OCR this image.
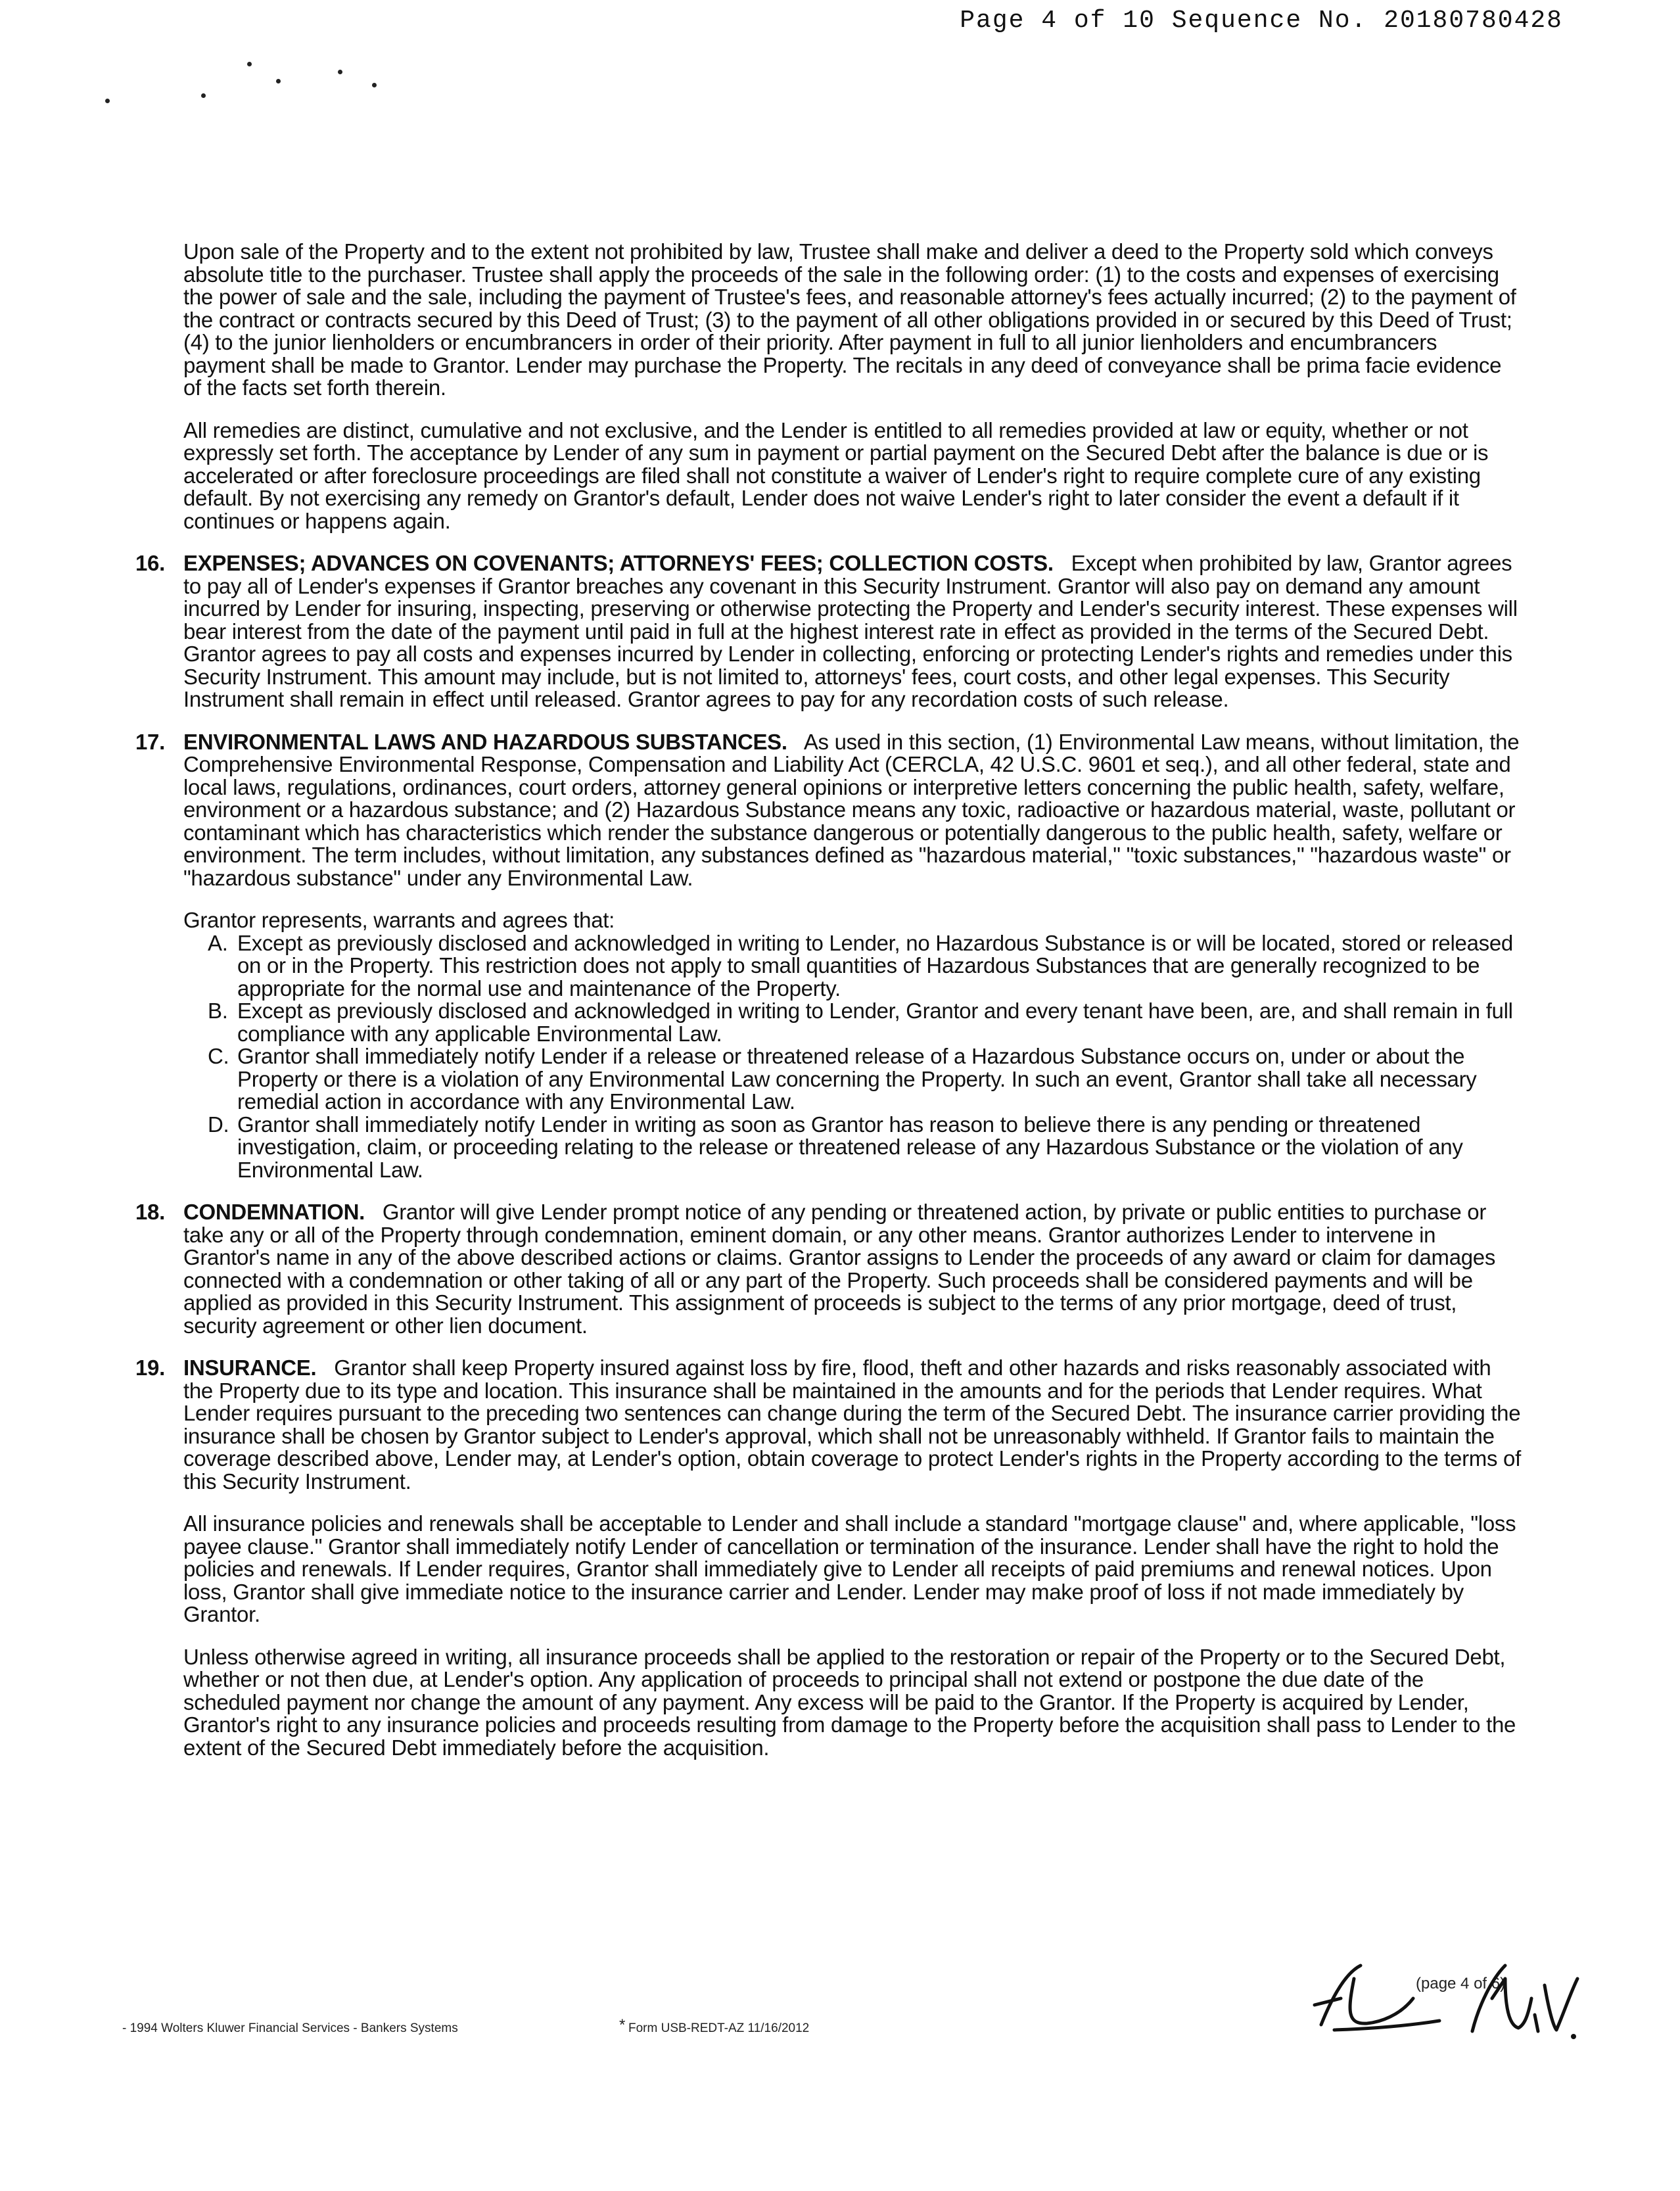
Page 4 of 10 Sequence No. 20180780428

Upon sale of the Property and to the extent not prohibited by law, Trustee shall make and deliver a deed to the Property sold which conveys absolute title to the purchaser. Trustee shall apply the proceeds of the sale in the following order: (1) to the costs and expenses of exercising the power of sale and the sale, including the payment of Trustee's fees, and reasonable attorney's fees actually incurred; (2) to the payment of the contract or contracts secured by this Deed of Trust; (3) to the payment of all other obligations provided in or secured by this Deed of Trust; (4) to the junior lienholders or encumbrancers in order of their priority. After payment in full to all junior lienholders and encumbrancers payment shall be made to Grantor. Lender may purchase the Property. The recitals in any deed of conveyance shall be prima facie evidence of the facts set forth therein.

All remedies are distinct, cumulative and not exclusive, and the Lender is entitled to all remedies provided at law or equity, whether or not expressly set forth. The acceptance by Lender of any sum in payment or partial payment on the Secured Debt after the balance is due or is accelerated or after foreclosure proceedings are filed shall not constitute a waiver of Lender's right to require complete cure of any existing default. By not exercising any remedy on Grantor's default, Lender does not waive Lender's right to later consider the event a default if it continues or happens again.

16. EXPENSES; ADVANCES ON COVENANTS; ATTORNEYS' FEES; COLLECTION COSTS. Except when prohibited by law, Grantor agrees to pay all of Lender's expenses if Grantor breaches any covenant in this Security Instrument. Grantor will also pay on demand any amount incurred by Lender for insuring, inspecting, preserving or otherwise protecting the Property and Lender's security interest. These expenses will bear interest from the date of the payment until paid in full at the highest interest rate in effect as provided in the terms of the Secured Debt. Grantor agrees to pay all costs and expenses incurred by Lender in collecting, enforcing or protecting Lender's rights and remedies under this Security Instrument. This amount may include, but is not limited to, attorneys' fees, court costs, and other legal expenses. This Security Instrument shall remain in effect until released. Grantor agrees to pay for any recordation costs of such release.
17. ENVIRONMENTAL LAWS AND HAZARDOUS SUBSTANCES. As used in this section, (1) Environmental Law means, without limitation, the Comprehensive Environmental Response, Compensation and Liability Act (CERCLA, 42 U.S.C. 9601 et seq.), and all other federal, state and local laws, regulations, ordinances, court orders, attorney general opinions or interpretive letters concerning the public health, safety, welfare, environment or a hazardous substance; and (2) Hazardous Substance means any toxic, radioactive or hazardous material, waste, pollutant or contaminant which has characteristics which render the substance dangerous or potentially dangerous to the public health, safety, welfare or environment. The term includes, without limitation, any substances defined as "hazardous material," "toxic substances," "hazardous waste" or "hazardous substance" under any Environmental Law.
Grantor represents, warrants and agrees that:
A. Except as previously disclosed and acknowledged in writing to Lender, no Hazardous Substance is or will be located, stored or released on or in the Property. This restriction does not apply to small quantities of Hazardous Substances that are generally recognized to be appropriate for the normal use and maintenance of the Property.
B. Except as previously disclosed and acknowledged in writing to Lender, Grantor and every tenant have been, are, and shall remain in full compliance with any applicable Environmental Law.
C. Grantor shall immediately notify Lender if a release or threatened release of a Hazardous Substance occurs on, under or about the Property or there is a violation of any Environmental Law concerning the Property. In such an event, Grantor shall take all necessary remedial action in accordance with any Environmental Law.
D. Grantor shall immediately notify Lender in writing as soon as Grantor has reason to believe there is any pending or threatened investigation, claim, or proceeding relating to the release or threatened release of any Hazardous Substance or the violation of any Environmental Law.
18. CONDEMNATION. Grantor will give Lender prompt notice of any pending or threatened action, by private or public entities to purchase or take any or all of the Property through condemnation, eminent domain, or any other means. Grantor authorizes Lender to intervene in Grantor's name in any of the above described actions or claims. Grantor assigns to Lender the proceeds of any award or claim for damages connected with a condemnation or other taking of all or any part of the Property. Such proceeds shall be considered payments and will be applied as provided in this Security Instrument. This assignment of proceeds is subject to the terms of any prior mortgage, deed of trust, security agreement or other lien document.
19. INSURANCE. Grantor shall keep Property insured against loss by fire, flood, theft and other hazards and risks reasonably associated with the Property due to its type and location. This insurance shall be maintained in the amounts and for the periods that Lender requires. What Lender requires pursuant to the preceding two sentences can change during the term of the Secured Debt. The insurance carrier providing the insurance shall be chosen by Grantor subject to Lender's approval, which shall not be unreasonably withheld. If Grantor fails to maintain the coverage described above, Lender may, at Lender's option, obtain coverage to protect Lender's rights in the Property according to the terms of this Security Instrument.
All insurance policies and renewals shall be acceptable to Lender and shall include a standard "mortgage clause" and, where applicable, "loss payee clause." Grantor shall immediately notify Lender of cancellation or termination of the insurance. Lender shall have the right to hold the policies and renewals. If Lender requires, Grantor shall immediately give to Lender all receipts of paid premiums and renewal notices. Upon loss, Grantor shall give immediate notice to the insurance carrier and Lender. Lender may make proof of loss if not made immediately by Grantor.
Unless otherwise agreed in writing, all insurance proceeds shall be applied to the restoration or repair of the Property or to the Secured Debt, whether or not then due, at Lender's option. Any application of proceeds to principal shall not extend or postpone the due date of the scheduled payment nor change the amount of any payment. Any excess will be paid to the Grantor. If the Property is acquired by Lender, Grantor's right to any insurance policies and proceeds resulting from damage to the Property before the acquisition shall pass to Lender to the extent of the Secured Debt immediately before the acquisition.
(page 4 of 6)
- 1994 Wolters Kluwer Financial Services - Bankers Systems	* Form USB-REDT-AZ 11/16/2012
